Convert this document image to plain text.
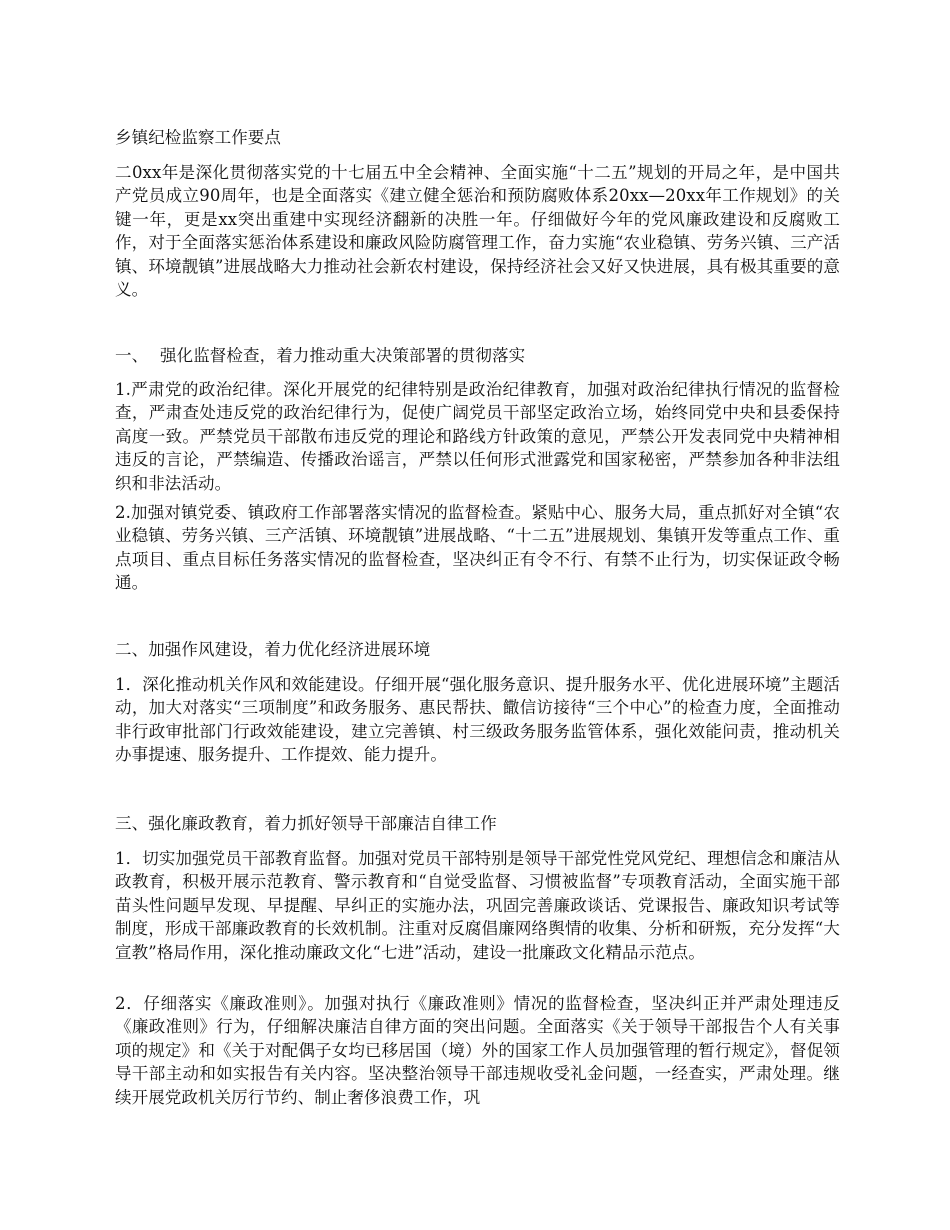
乡镇纪检监察工作要点

二0xx年是深化贯彻落实党的十七届五中全会精神、全面实施“十二五”规划的开局之年，是中国共产党员成立90周年，也是全面落实《建立健全惩治和预防腐败体系20xx—20xx年工作规划》的关键一年，更是xx突出重建中实现经济翻新的决胜一年。仔细做好今年的党风廉政建设和反腐败工作，对于全面落实惩治体系建设和廉政风险防腐管理工作，奋力实施“农业稳镇、劳务兴镇、三产活镇、环境靓镇”进展战略大力推动社会新农村建设，保持经济社会又好又快进展，具有极其重要的意义。

一、 强化监督检查，着力推动重大决策部署的贯彻落实

1.严肃党的政治纪律。深化开展党的纪律特别是政治纪律教育，加强对政治纪律执行情况的监督检查，严肃查处违反党的政治纪律行为，促使广阔党员干部坚定政治立场，始终同党中央和县委保持高度一致。严禁党员干部散布违反党的理论和路线方针政策的意见，严禁公开发表同党中央精神相违反的言论，严禁编造、传播政治谣言，严禁以任何形式泄露党和国家秘密，严禁参加各种非法组织和非法活动。

2.加强对镇党委、镇政府工作部署落实情况的监督检查。紧贴中心、服务大局，重点抓好对全镇“农业稳镇、劳务兴镇、三产活镇、环境靓镇”进展战略、“十二五”进展规划、集镇开发等重点工作、重点项目、重点目标任务落实情况的监督检查，坚决纠正有令不行、有禁不止行为，切实保证政令畅通。

二、加强作风建设，着力优化经济进展环境

1．深化推动机关作风和效能建设。仔细开展“强化服务意识、提升服务水平、优化进展环境”主题活动，加大对落实“三项制度”和政务服务、惠民帮扶、饊信访接待“三个中心”的检查力度，全面推动非行政审批部门行政效能建设，建立完善镇、村三级政务服务监管体系，强化效能问责，推动机关办事提速、服务提升、工作提效、能力提升。

三、强化廉政教育，着力抓好领导干部廉洁自律工作

1．切实加强党员干部教育监督。加强对党员干部特别是领导干部党性党风党纪、理想信念和廉洁从政教育，积极开展示范教育、警示教育和“自觉受监督、习惯被监督”专项教育活动，全面实施干部苗头性问题早发现、早提醒、早纠正的实施办法，巩固完善廉政谈话、党课报告、廉政知识考试等制度，形成干部廉政教育的长效机制。注重对反腐倡廉网络舆情的收集、分析和研叛，充分发挥“大宣教”格局作用，深化推动廉政文化“七进”活动，建设一批廉政文化精品示范点。

2．仔细落实《廉政准则》。加强对执行《廉政准则》情况的监督检查，坚决纠正并严肃处理违反《廉政准则》行为，仔细解决廉洁自律方面的突出问题。全面落实《关于领导干部报告个人有关事项的规定》和《关于对配偶子女均已移居国（境）外的国家工作人员加强管理的暂行规定》，督促领导干部主动和如实报告有关内容。坚决整治领导干部违规收受礼金问题，一经查实，严肃处理。继续开展党政机关厉行节约、制止奢侈浪费工作，巩
